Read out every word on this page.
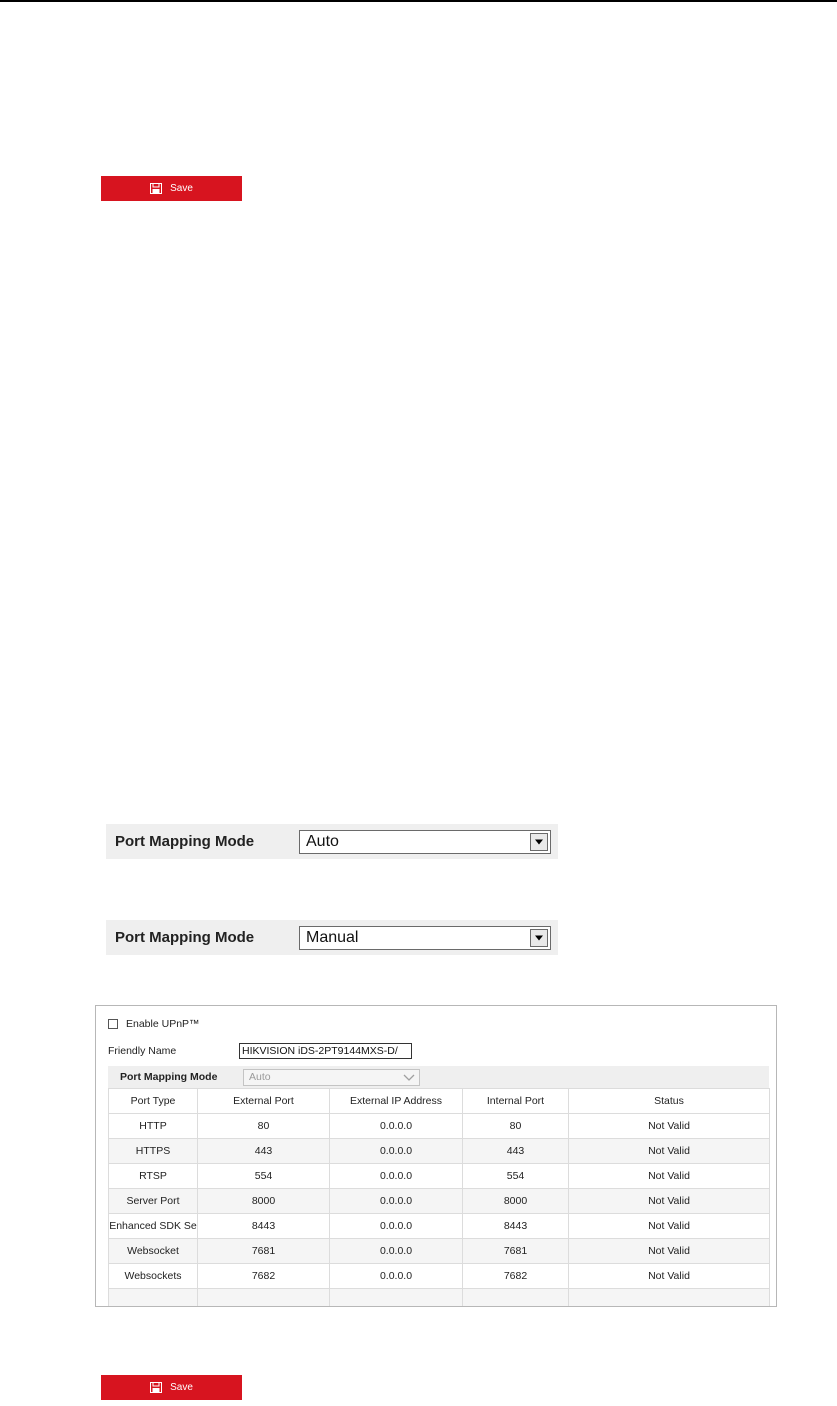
Save
Port Mapping Mode	Auto
Port Mapping Mode	Manual
Enable UPnP™
Friendly Name	HIKVISION iDS-2PT9144MXS-D/
Port Mapping Mode	Auto
Port Type	External Port	External IP Address	Internal Port	Status
HTTP	80	0.0.0.0	80	Not Valid
HTTPS	443	0.0.0.0	443	Not Valid
RTSP	554	0.0.0.0	554	Not Valid
Server Port	8000	0.0.0.0	8000	Not Valid
Enhanced SDK Se	8443	0.0.0.0	8443	Not Valid
Websocket	7681	0.0.0.0	7681	Not Valid
Websockets	7682	0.0.0.0	7682	Not Valid

Save
